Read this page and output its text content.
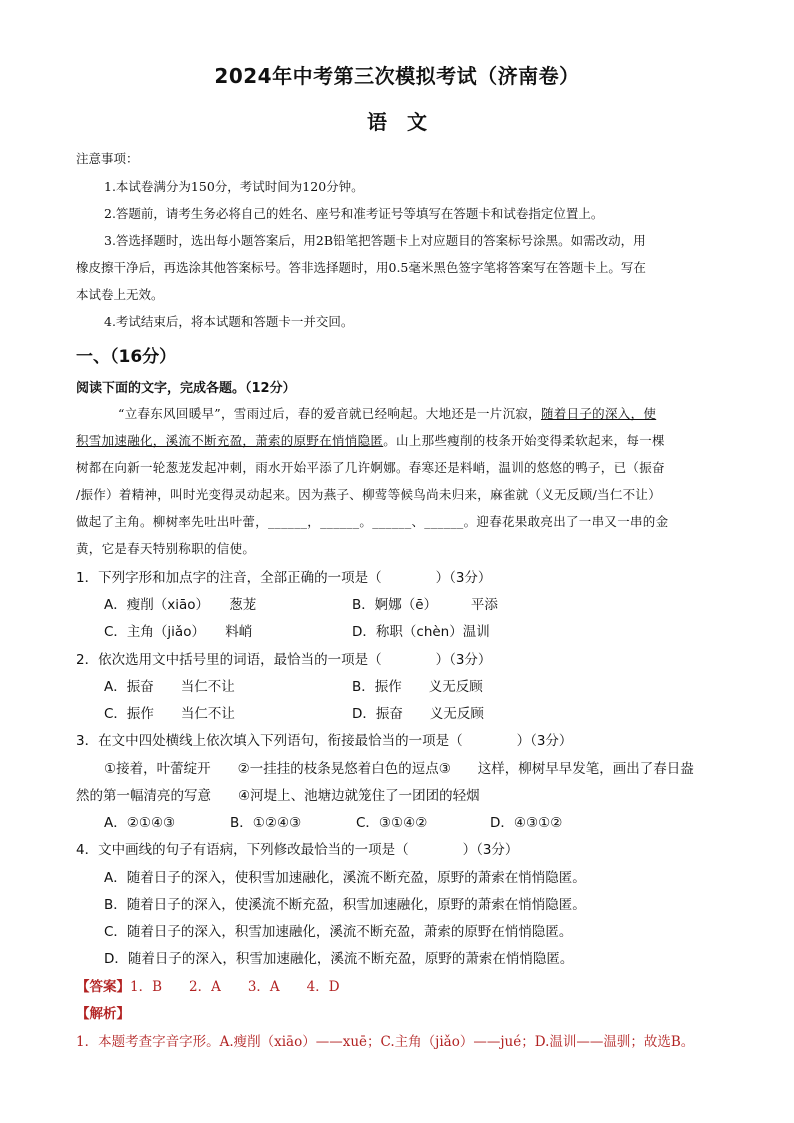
2024年中考第三次模拟考试（济南卷）
语　文
注意事项：
1.本试卷满分为150分，考试时间为120分钟。
2.答题前，请考生务必将自己的姓名、座号和准考证号等填写在答题卡和试卷指定位置上。
3.答选择题时，选出每小题答案后，用2B铅笔把答题卡上对应题目的答案标号涂黑。如需改动，用
橡皮擦干净后，再选涂其他答案标号。答非选择题时，用0.5毫米黑色签字笔将答案写在答题卡上。写在
本试卷上无效。
4.考试结束后，将本试题和答题卡一并交回。
一、（16分）
阅读下面的文字，完成各题。（12分）
“立春东风回暖早”，雪雨过后，春的爱音就已经响起。大地还是一片沉寂，随着日子的深入，使
积雪加速融化，溪流不断充盈，萧索的原野在悄悄隐匿。山上那些瘦削的枝条开始变得柔软起来，每一棵
树都在向新一轮葱茏发起冲刺，雨水开始平添了几许婀娜。春寒还是料峭，温训的悠悠的鸭子，已（振奋
/振作）着精神，叫时光变得灵动起来。因为燕子、柳莺等候鸟尚未归来，麻雀就（义无反顾/当仁不让）
做起了主角。柳树率先吐出叶蕾，______，______。______、______。迎春花果敢亮出了一串又一串的金
黄，它是春天特别称职的信使。
1．下列字形和加点字的注音，全部正确的一项是（　　　　）（3分）
A．瘦削（xiāo）　　葱茏	B．婀娜（ē）　　　平添
C．主角（jiǎo）　　料峭	D．称职（chèn）温训
2．依次选用文中括号里的词语，最恰当的一项是（　　　　）（3分）
A．振奋　　当仁不让	B．振作　　义无反顾
C．振作　　当仁不让	D．振奋　　义无反顾
3．在文中四处横线上依次填入下列语句，衔接最恰当的一项是（　　　　）（3分）
①接着，叶蕾绽开　　②一挂挂的枝条晃悠着白色的逗点③　　这样，柳树早早发笔，画出了春日盎
然的第一幅清亮的写意　　④河堤上、池塘边就笼住了一团团的轻烟
A．②①④③	B．①②④③	C．③①④②	D．④③①②
4．文中画线的句子有语病，下列修改最恰当的一项是（　　　　）（3分）
A．随着日子的深入，使积雪加速融化，溪流不断充盈，原野的萧索在悄悄隐匿。
B．随着日子的深入，使溪流不断充盈，积雪加速融化，原野的萧索在悄悄隐匿。
C．随着日子的深入，积雪加速融化，溪流不断充盈，萧索的原野在悄悄隐匿。
D．随着日子的深入，积雪加速融化，溪流不断充盈，原野的萧索在悄悄隐匿。
【答案】1．B　　2．A　　3．A　　4．D
【解析】
1．本题考查字音字形。A.瘦削（xiāo）——xuē；C.主角（jiǎo）——jué；D.温训——温驯；故选B。
